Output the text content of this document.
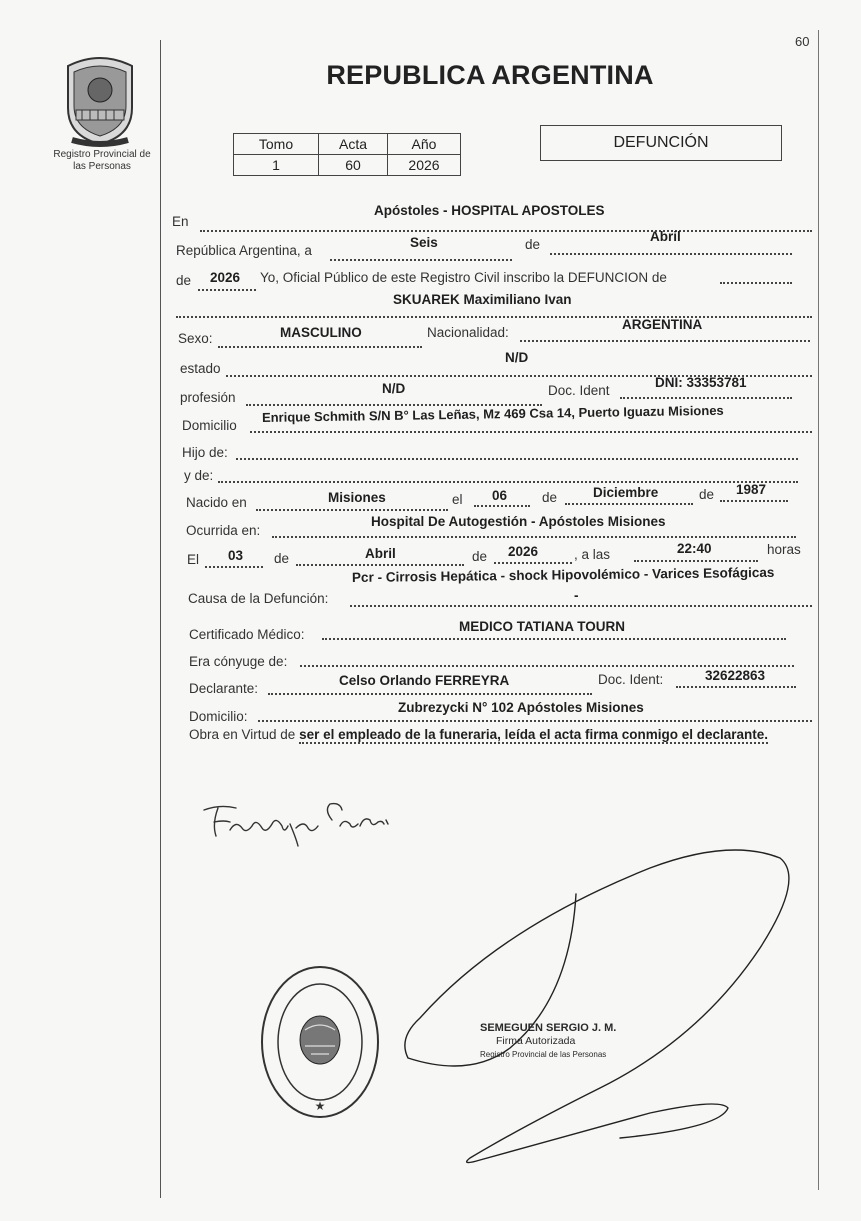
60
Registro Provincial de
las Personas
REPUBLICA ARGENTINA
Tomo	Acta	Año
1	60	2026
DEFUNCIÓN
En
Apóstoles - HOSPITAL APOSTOLES
República Argentina, a
Seis	de
Abril
de 2026 Yo, Oficial Público de este Registro Civil inscribo la DEFUNCION de
SKUAREK Maximiliano Ivan
Sexo:	MASCULINO	Nacionalidad:
ARGENTINA
estado
N/D
profesión
N/D	Doc. Ident
DNI: 33353781
Domicilio
Enrique Schmith S/N B° Las Leñas, Mz 469 Csa 14, Puerto Iguazu Misiones
Hijo de:
y de:
Nacido en	Misiones	el 06	de	Diciembre	de 1987
Ocurrida en:
Hospital De Autogestión - Apóstoles Misiones
El 03 de	Abril	de 2026	, a las	22:40	horas
Pcr - Cirrosis Hepática - shock Hipovolémico - Varices Esofágicas
Causa de la Defunción:	-
Certificado Médico:
MEDICO TATIANA TOURN
Era cónyuge de:
Declarante:
Celso Orlando FERREYRA	Doc. Ident:	32622863
Domicilio:
Zubrezycki N° 102 Apóstoles Misiones
Obra en Virtud de ser el empleado de la funeraria, leída el acta firma conmigo el declarante.
★
SEMEGUEN SERGIO J. M.
Firma Autorizada
Registro Provincial de las Personas
